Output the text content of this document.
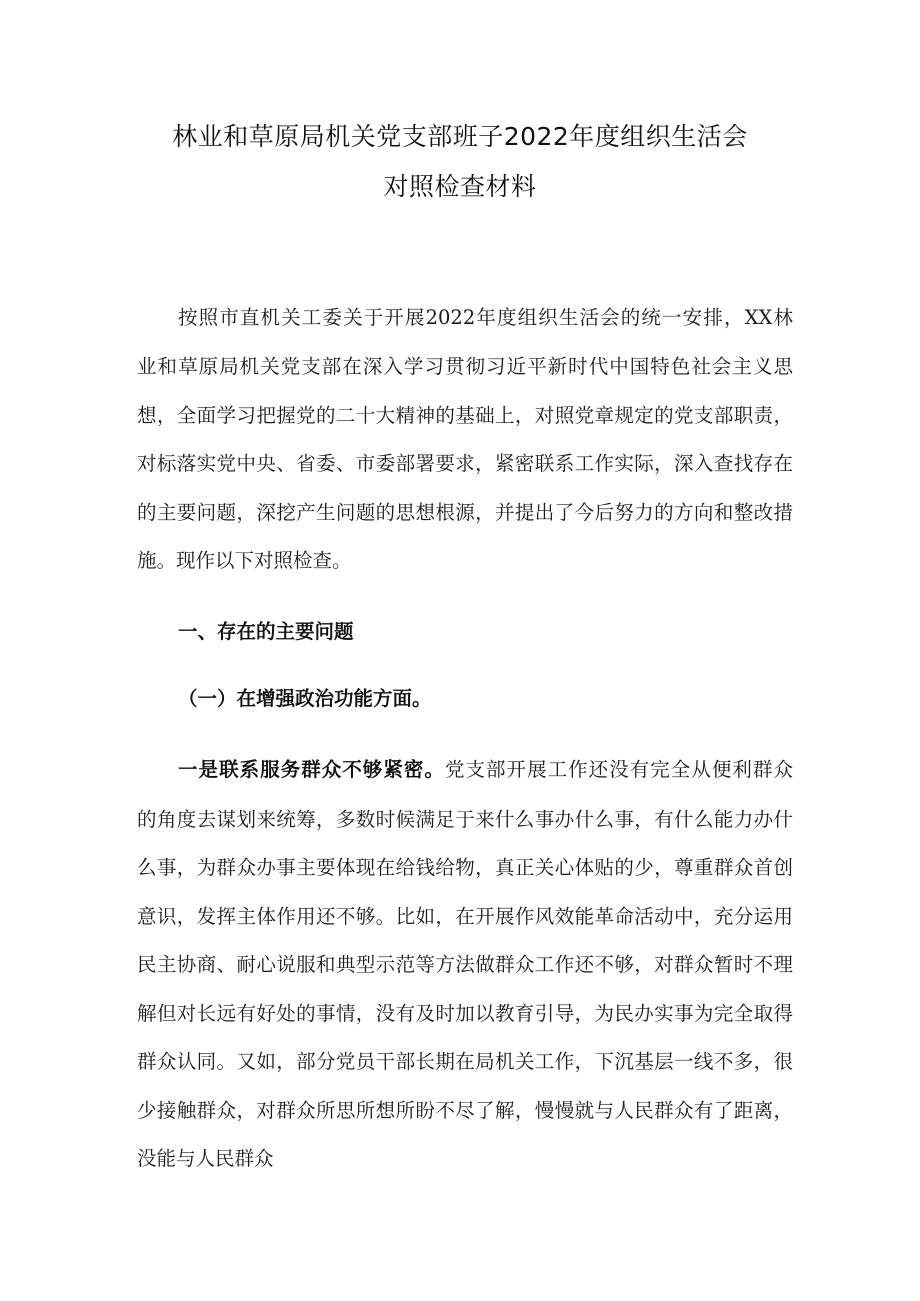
林业和草原局机关党支部班子2022年度组织生活会
对照检查材料
按照市直机关工委关于开展2022年度组织生活会的统一安排，XX林
业和草原局机关党支部在深入学习贯彻习近平新时代中国特色社会主义思
想，全面学习把握党的二十大精神的基础上，对照党章规定的党支部职责，
对标落实党中央、省委、市委部署要求，紧密联系工作实际，深入查找存在
的主要问题，深挖产生问题的思想根源，并提出了今后努力的方向和整改措
施。现作以下对照检查。
一、存在的主要问题
（一）在增强政治功能方面。
一是联系服务群众不够紧密。党支部开展工作还没有完全从便利群众
的角度去谋划来统筹，多数时候满足于来什么事办什么事，有什么能力办什
么事，为群众办事主要体现在给钱给物，真正关心体贴的少，尊重群众首创
意识，发挥主体作用还不够。比如，在开展作风效能革命活动中，充分运用
民主协商、耐心说服和典型示范等方法做群众工作还不够，对群众暂时不理
解但对长远有好处的事情，没有及时加以教育引导，为民办实事为完全取得
群众认同。又如，部分党员干部长期在局机关工作，下沉基层一线不多，很
少接触群众，对群众所思所想所盼不尽了解，慢慢就与人民群众有了距离，
没能与人民群众
